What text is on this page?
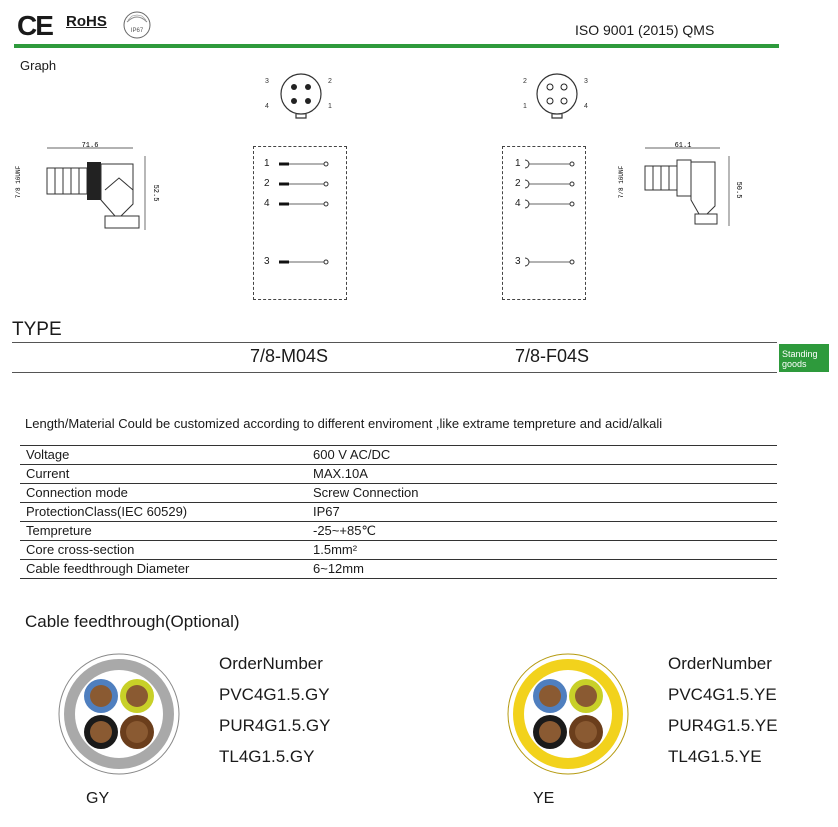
CE RoHS
IP67	ISO 9001 (2015) QMS
Graph
3	2
4	1
2	3
1	4
71.6
52.5
7/8 16UNF
61.1
50.5
7/8 16UNF
1
2
4
3
1
2
4
3
TYPE
7/8-M04S	7/8-F04S	Standing goods
Length/Material Could be customized according to different enviroment ,like extrame tempreture and acid/alkali
Voltage	600 V AC/DC
Current	MAX.10A
Connection mode	Screw Connection
ProtectionClass(IEC 60529)	IP67
Tempreture	-25~+85℃
Core cross-section	1.5mm²
Cable feedthrough Diameter	6~12mm
Cable feedthrough(Optional)
GY
OrderNumber
PVC4G1.5.GY
PUR4G1.5.GY
TL4G1.5.GY
YE
OrderNumber
PVC4G1.5.YE
PUR4G1.5.YE
TL4G1.5.YE
